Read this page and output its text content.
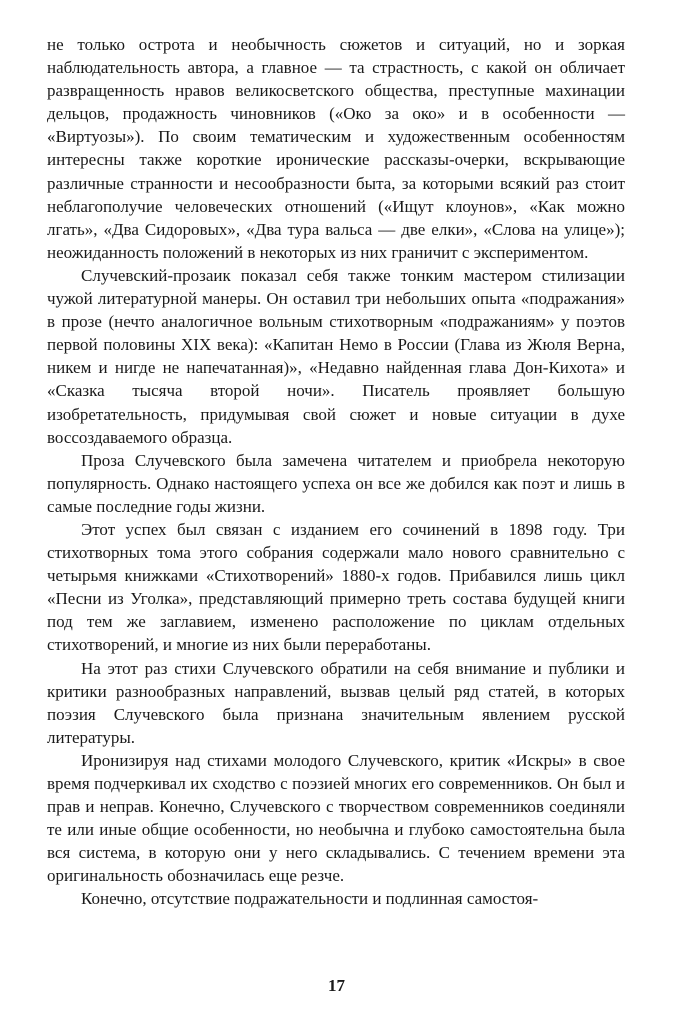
не только острота и необычность сюжетов и ситуаций, но и зоркая наблюдательность автора, а главное — та страстность, с какой он обличает развращенность нравов великосветского общества, преступные махинации дельцов, продажность чиновников («Око за око» и в особенности — «Виртуозы»). По своим тематическим и художественным особенностям интересны также короткие иронические рассказы-очерки, вскрывающие различные странности и несообразности быта, за которыми всякий раз стоит неблагополучие человеческих отношений («Ищут клоунов», «Как можно лгать», «Два Сидоровых», «Два тура вальса — две елки», «Слова на улице»); неожиданность положений в некоторых из них граничит с экспериментом.

Случевский-прозаик показал себя также тонким мастером стилизации чужой литературной манеры. Он оставил три небольших опыта «подражания» в прозе (нечто аналогичное вольным стихотворным «подражаниям» у поэтов первой половины XIX века): «Капитан Немо в России (Глава из Жюля Верна, никем и нигде не напечатанная)», «Недавно найденная глава Дон-Кихота» и «Сказка тысяча второй ночи». Писатель проявляет большую изобретательность, придумывая свой сюжет и новые ситуации в духе воссоздаваемого образца.

Проза Случевского была замечена читателем и приобрела некоторую популярность. Однако настоящего успеха он все же добился как поэт и лишь в самые последние годы жизни.

Этот успех был связан с изданием его сочинений в 1898 году. Три стихотворных тома этого собрания содержали мало нового сравнительно с четырьмя книжками «Стихотворений» 1880-х годов. Прибавился лишь цикл «Песни из Уголка», представляющий примерно треть состава будущей книги под тем же заглавием, изменено расположение по циклам отдельных стихотворений, и многие из них были переработаны.

На этот раз стихи Случевского обратили на себя внимание и публики и критики разнообразных направлений, вызвав целый ряд статей, в которых поэзия Случевского была признана значительным явлением русской литературы.

Иронизируя над стихами молодого Случевского, критик «Искры» в свое время подчеркивал их сходство с поэзией многих его современников. Он был и прав и неправ. Конечно, Случевского с творчеством современников соединяли те или иные общие особенности, но необычна и глубоко самостоятельна была вся система, в которую они у него складывались. С течением времени эта оригинальность обозначилась еще резче.

Конечно, отсутствие подражательности и подлинная самостоя-

17
